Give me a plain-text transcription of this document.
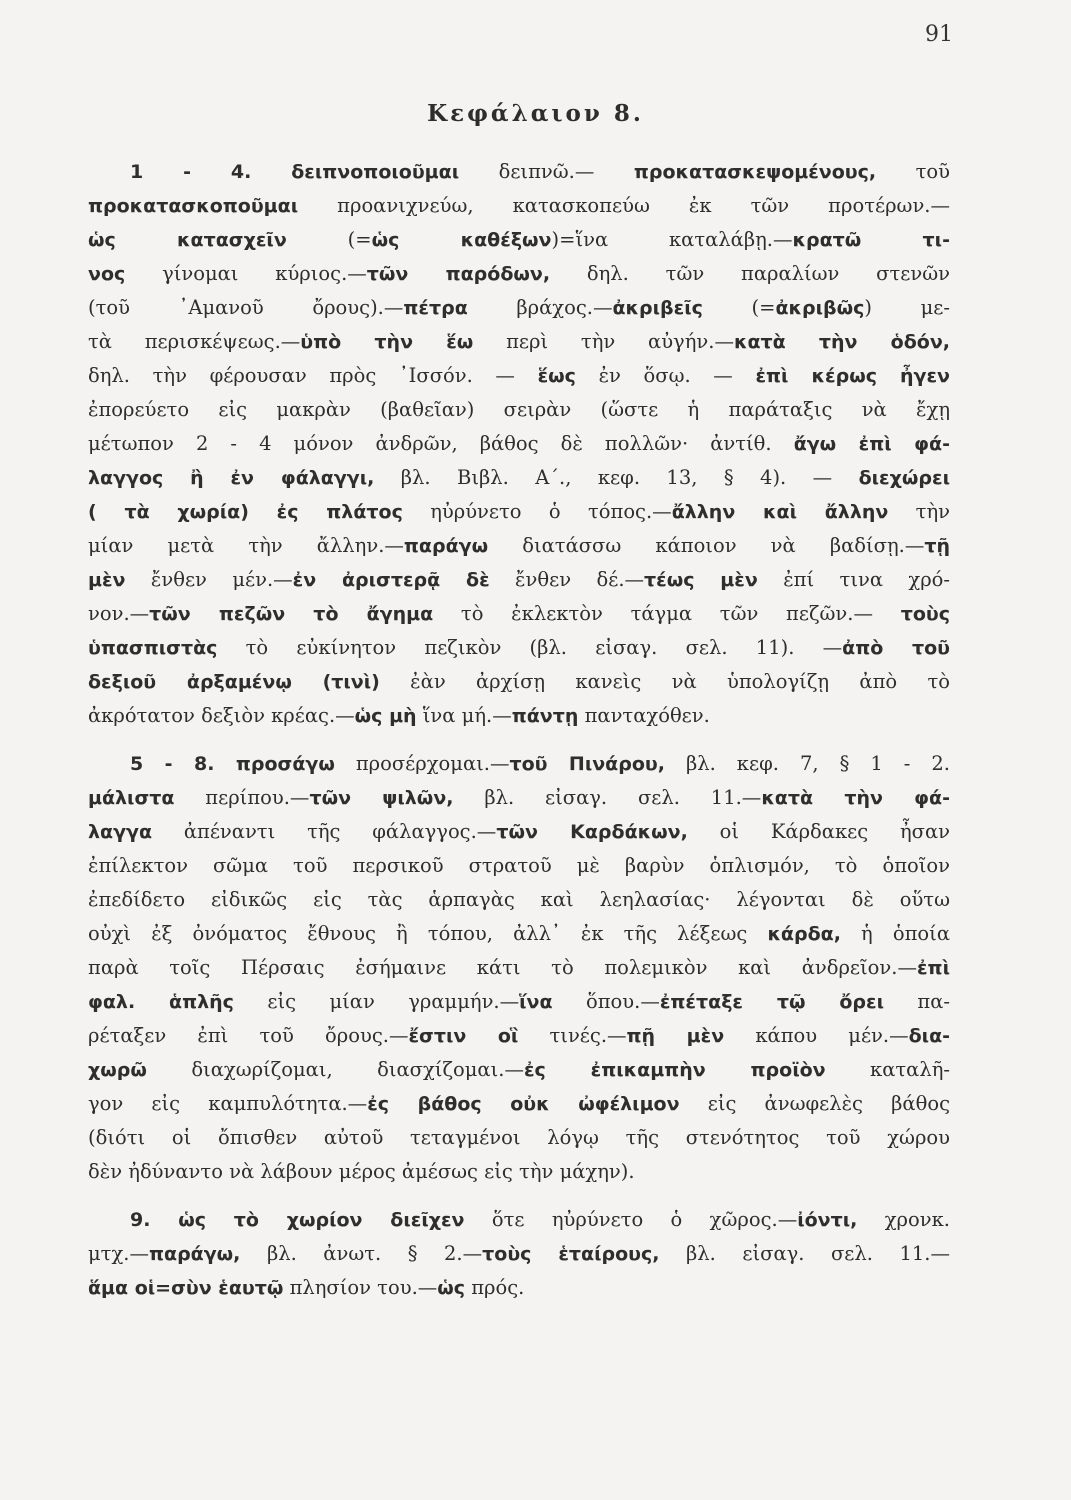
91
Κεφάλαιον 8.
1 - 4. δειπνοποιοῦμαι δειπνῶ.— προκατασκεψομένους, τοῦ
προκατασκοποῦμαι προανιχνεύω, κατασκοπεύω ἐκ τῶν προτέρων.—
ὡς κατασχεῖν (=ὡς καθέξων)=ἵνα καταλάβῃ.—κρατῶ τι-
νος γίνομαι κύριος.—τῶν παρόδων, δηλ. τῶν παραλίων στενῶν
(τοῦ ᾿Αμανοῦ ὄρους).—πέτρα βράχος.—ἀκριβεῖς (=ἀκριβῶς) με-
τὰ περισκέψεως.—ὑπὸ τὴν ἕω περὶ τὴν αὐγήν.—κατὰ τὴν ὁδόν,
δηλ. τὴν φέρουσαν πρὸς ᾿Ισσόν. — ἕως ἐν ὅσῳ. — ἐπὶ κέρως ἦγεν
ἐπορεύετο εἰς μακρὰν (βαθεῖαν) σειρὰν (ὥστε ἡ παράταξις νὰ ἔχῃ
μέτωπον 2 - 4 μόνον ἀνδρῶν, βάθος δὲ πολλῶν· ἀντίθ. ἄγω ἐπὶ φά-
λαγγος ἢ ἐν φάλαγγι, βλ. Βιβλ. Α΄., κεφ. 13, § 4). — διεχώρει
( τὰ χωρία) ἐς πλάτος ηὐρύνετο ὁ τόπος.—ἄλλην καὶ ἄλλην τὴν
μίαν μετὰ τὴν ἄλλην.—παράγω διατάσσω κάποιον νὰ βαδίσῃ.—τῇ
μὲν ἔνθεν μέν.—ἐν ἀριστερᾷ δὲ ἔνθεν δέ.—τέως μὲν ἐπί τινα χρό-
νον.—τῶν πεζῶν τὸ ἄγημα τὸ ἐκλεκτὸν τάγμα τῶν πεζῶν.— τοὺς
ὑπασπιστὰς τὸ εὐκίνητον πεζικὸν (βλ. εἰσαγ. σελ. 11). —ἀπὸ τοῦ
δεξιοῦ ἀρξαμένῳ (τινὶ) ἐὰν ἀρχίσῃ κανεὶς νὰ ὑπολογίζῃ ἀπὸ τὸ
ἀκρότατον δεξιὸν κρέας.—ὡς μὴ ἵνα μή.—πάντῃ πανταχόθεν.
5 - 8. προσάγω προσέρχομαι.—τοῦ Πινάρου, βλ. κεφ. 7, § 1 - 2.
μάλιστα περίπου.—τῶν ψιλῶν, βλ. εἰσαγ. σελ. 11.—κατὰ τὴν φά-
λαγγα ἀπέναντι τῆς φάλαγγος.—τῶν Καρδάκων, οἱ Κάρδακες ἦσαν
ἐπίλεκτον σῶμα τοῦ περσικοῦ στρατοῦ μὲ βαρὺν ὁπλισμόν, τὸ ὁποῖον
ἐπεδίδετο εἰδικῶς εἰς τὰς ἁρπαγὰς καὶ λεηλασίας· λέγονται δὲ οὕτω
οὐχὶ ἐξ ὀνόματος ἔθνους ἢ τόπου, ἀλλ᾽ ἐκ τῆς λέξεως κάρδα, ἡ ὁποία
παρὰ τοῖς Πέρσαις ἐσήμαινε κάτι τὸ πολεμικὸν καὶ ἀνδρεῖον.—ἐπὶ
φαλ. ἁπλῆς εἰς μίαν γραμμήν.—ἵνα ὅπου.—ἐπέταξε τῷ ὄρει πα-
ρέταξεν ἐπὶ τοῦ ὄρους.—ἔστιν οἳ τινές.—πῇ μὲν κάπου μέν.—δια-
χωρῶ διαχωρίζομαι, διασχίζομαι.—ἐς ἐπικαμπὴν προϊὸν καταλῆ-
γον εἰς καμπυλότητα.—ἐς βάθος οὐκ ὠφέλιμον εἰς ἀνωφελὲς βάθος
(διότι οἱ ὄπισθεν αὐτοῦ τεταγμένοι λόγῳ τῆς στενότητος τοῦ χώρου
δὲν ἠδύναντο νὰ λάβουν μέρος ἀμέσως εἰς τὴν μάχην).
9. ὡς τὸ χωρίον διεῖχεν ὅτε ηὐρύνετο ὁ χῶρος.—ἰόντι, χρονκ.
μτχ.—παράγω, βλ. ἀνωτ. § 2.—τοὺς ἑταίρους, βλ. εἰσαγ. σελ. 11.—
ἅμα οἱ=σὺν ἑαυτῷ πλησίον του.—ὡς πρός.
